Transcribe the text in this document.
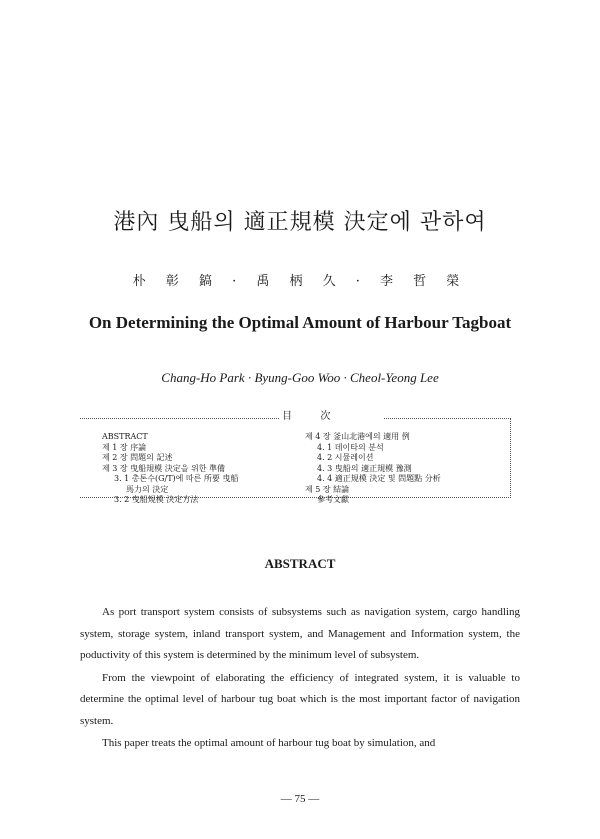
港內 曳船의 適正規模 決定에 관하여
朴 彰 鎬 · 禹 柄 久 · 李 哲 榮
On Determining the Optimal Amount of Harbour Tagboat
Chang-Ho Park · Byung-Goo Woo · Cheol-Yeong Lee
目	次
ABSTRACT
제 1 장 序論
제 2 장 問題의 記述
제 3 장 曳船規模 決定을 위한 準備
3. 1 총톤수(G/T)에 따른 所要 曳船
馬力의 決定
3. 2 曳船規模 決定方法
제 4 장 釜山北港에의 適用 例
4. 1 데이타의 분석
4. 2 시뮬레이션
4. 3 曳船의 適正規模 豫測
4. 4 適正規模 決定 및 問題點 分析
제 5 장 結論
參考文獻
ABSTRACT

As port transport system consists of subsystems such as navigation system, cargo handling system, storage system, inland transport system, and Management and Information system, the poductivity of this system is determined by the minimum level of subsystem.

From the viewpoint of elaborating the efficiency of integrated system, it is valuable to determine the optimal level of harbour tug boat which is the most important factor of navigation system.

This paper treats the optimal amount of harbour tug boat by simulation, and

— 75 —
